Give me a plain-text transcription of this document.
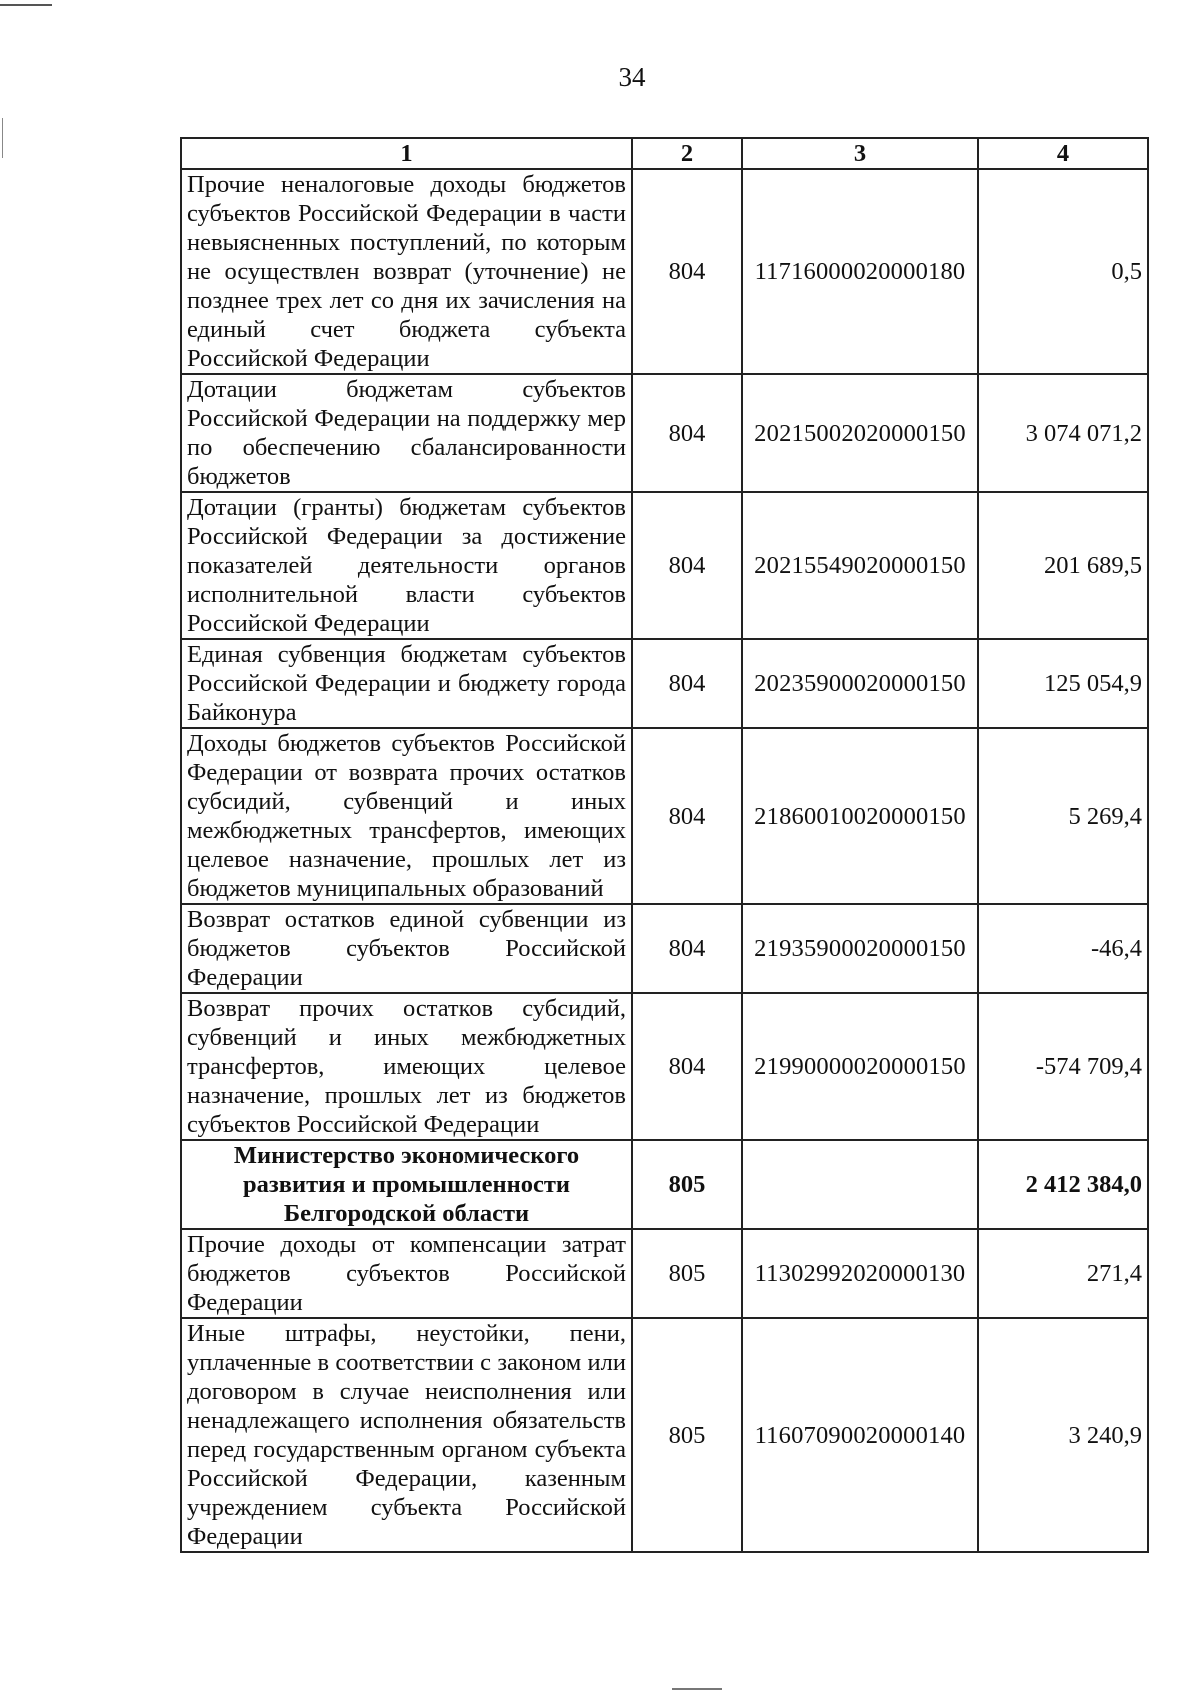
34
1	2	3	4
Прочие неналоговые доходы бюджетов субъектов Российской Федерации в части невыясненных поступлений, по которым не осуществлен возврат (уточнение) не позднее трех лет со дня их зачисления на единый счет бюджета субъекта Российской Федерации	804	11716000020000180	0,5
Дотации бюджетам субъектов Российской Федерации на поддержку мер по обеспечению сбалансированности бюджетов	804	20215002020000150	3 074 071,2
Дотации (гранты) бюджетам субъектов Российской Федерации за достижение показателей деятельности органов исполнительной власти субъектов Российской Федерации	804	20215549020000150	201 689,5
Единая субвенция бюджетам субъектов Российской Федерации и бюджету города Байконура	804	20235900020000150	125 054,9
Доходы бюджетов субъектов Российской Федерации от возврата прочих остатков субсидий, субвенций и иных межбюджетных трансфертов, имеющих целевое назначение, прошлых лет из бюджетов муниципальных образований	804	21860010020000150	5 269,4
Возврат остатков единой субвенции из бюджетов субъектов Российской Федерации	804	21935900020000150	-46,4
Возврат прочих остатков субсидий, субвенций и иных межбюджетных трансфертов, имеющих целевое назначение, прошлых лет из бюджетов субъектов Российской Федерации	804	21990000020000150	-574 709,4
Министерство экономического развития и промышленности Белгородской области	805		2 412 384,0
Прочие доходы от компенсации затрат бюджетов субъектов Российской Федерации	805	11302992020000130	271,4
Иные штрафы, неустойки, пени, уплаченные в соответствии с законом или договором в случае неисполнения или ненадлежащего исполнения обязательств перед государственным органом субъекта Российской Федерации, казенным учреждением субъекта Российской Федерации	805	11607090020000140	3 240,9
